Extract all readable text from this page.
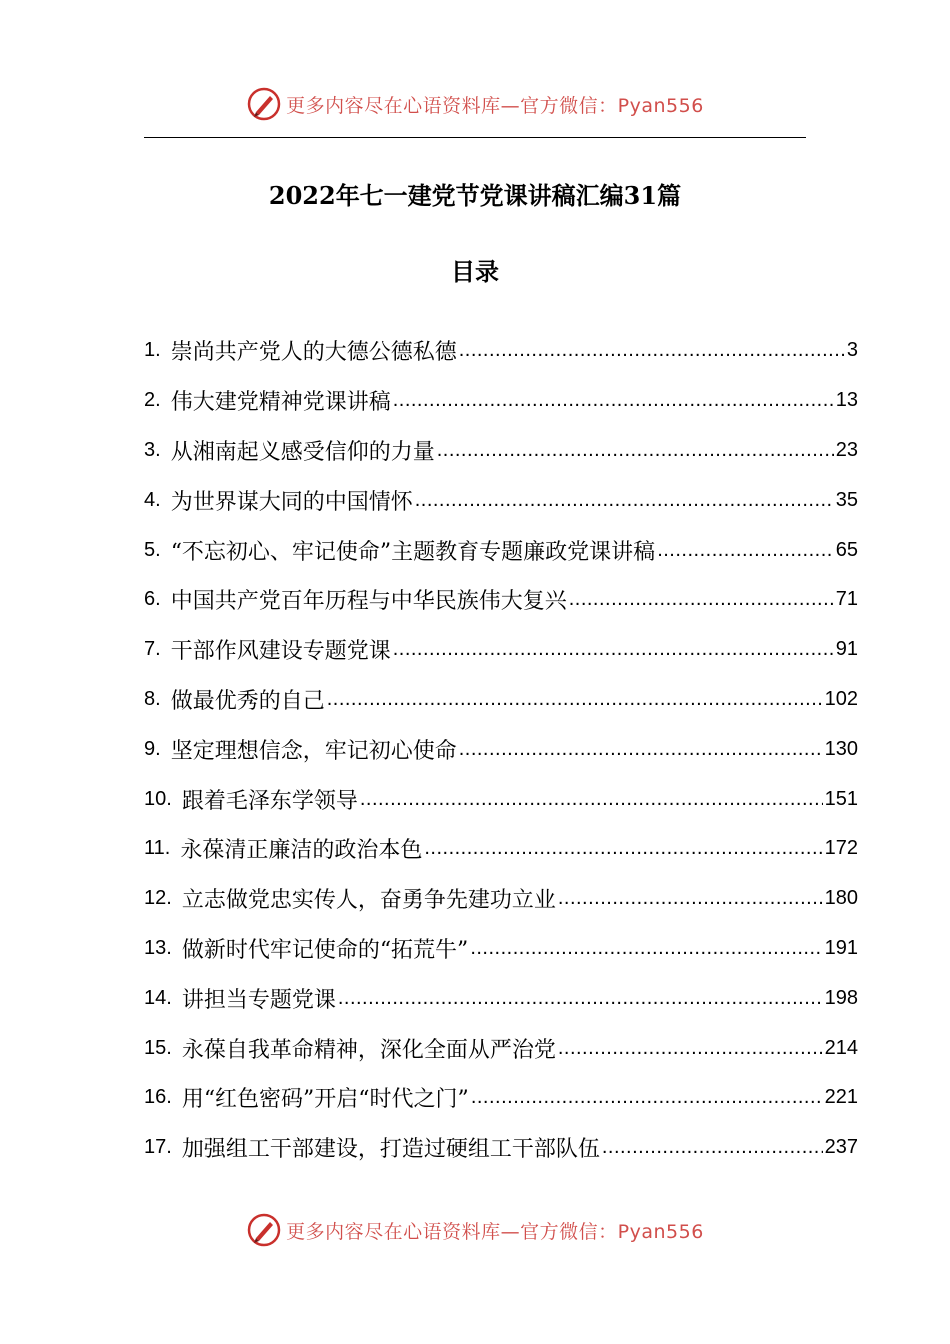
更多内容尽在心语资料库—官方微信：Pyan556
2022年七一建党节党课讲稿汇编31篇
目录
1. 崇尚共产党人的大德公德私德 .....	3
2. 伟大建党精神党课讲稿 .....	13
3. 从湘南起义感受信仰的力量 .....	23
4. 为世界谋大同的中国情怀 .....	35
5. “不忘初心、牢记使命”主题教育专题廉政党课讲稿 .....	65
6. 中国共产党百年历程与中华民族伟大复兴 .....	71
7. 干部作风建设专题党课 .....	91
8. 做最优秀的自己 .....	102
9. 坚定理想信念，牢记初心使命 .....	130
10. 跟着毛泽东学领导 .....	151
11. 永葆清正廉洁的政治本色 .....	172
12. 立志做党忠实传人，奋勇争先建功立业 .....	180
13. 做新时代牢记使命的“拓荒牛” .....	191
14. 讲担当专题党课 .....	198
15. 永葆自我革命精神，深化全面从严治党 .....	214
16. 用“红色密码”开启“时代之门” .....	221
17. 加强组工干部建设，打造过硬组工干部队伍 .....	237
更多内容尽在心语资料库—官方微信：Pyan556
